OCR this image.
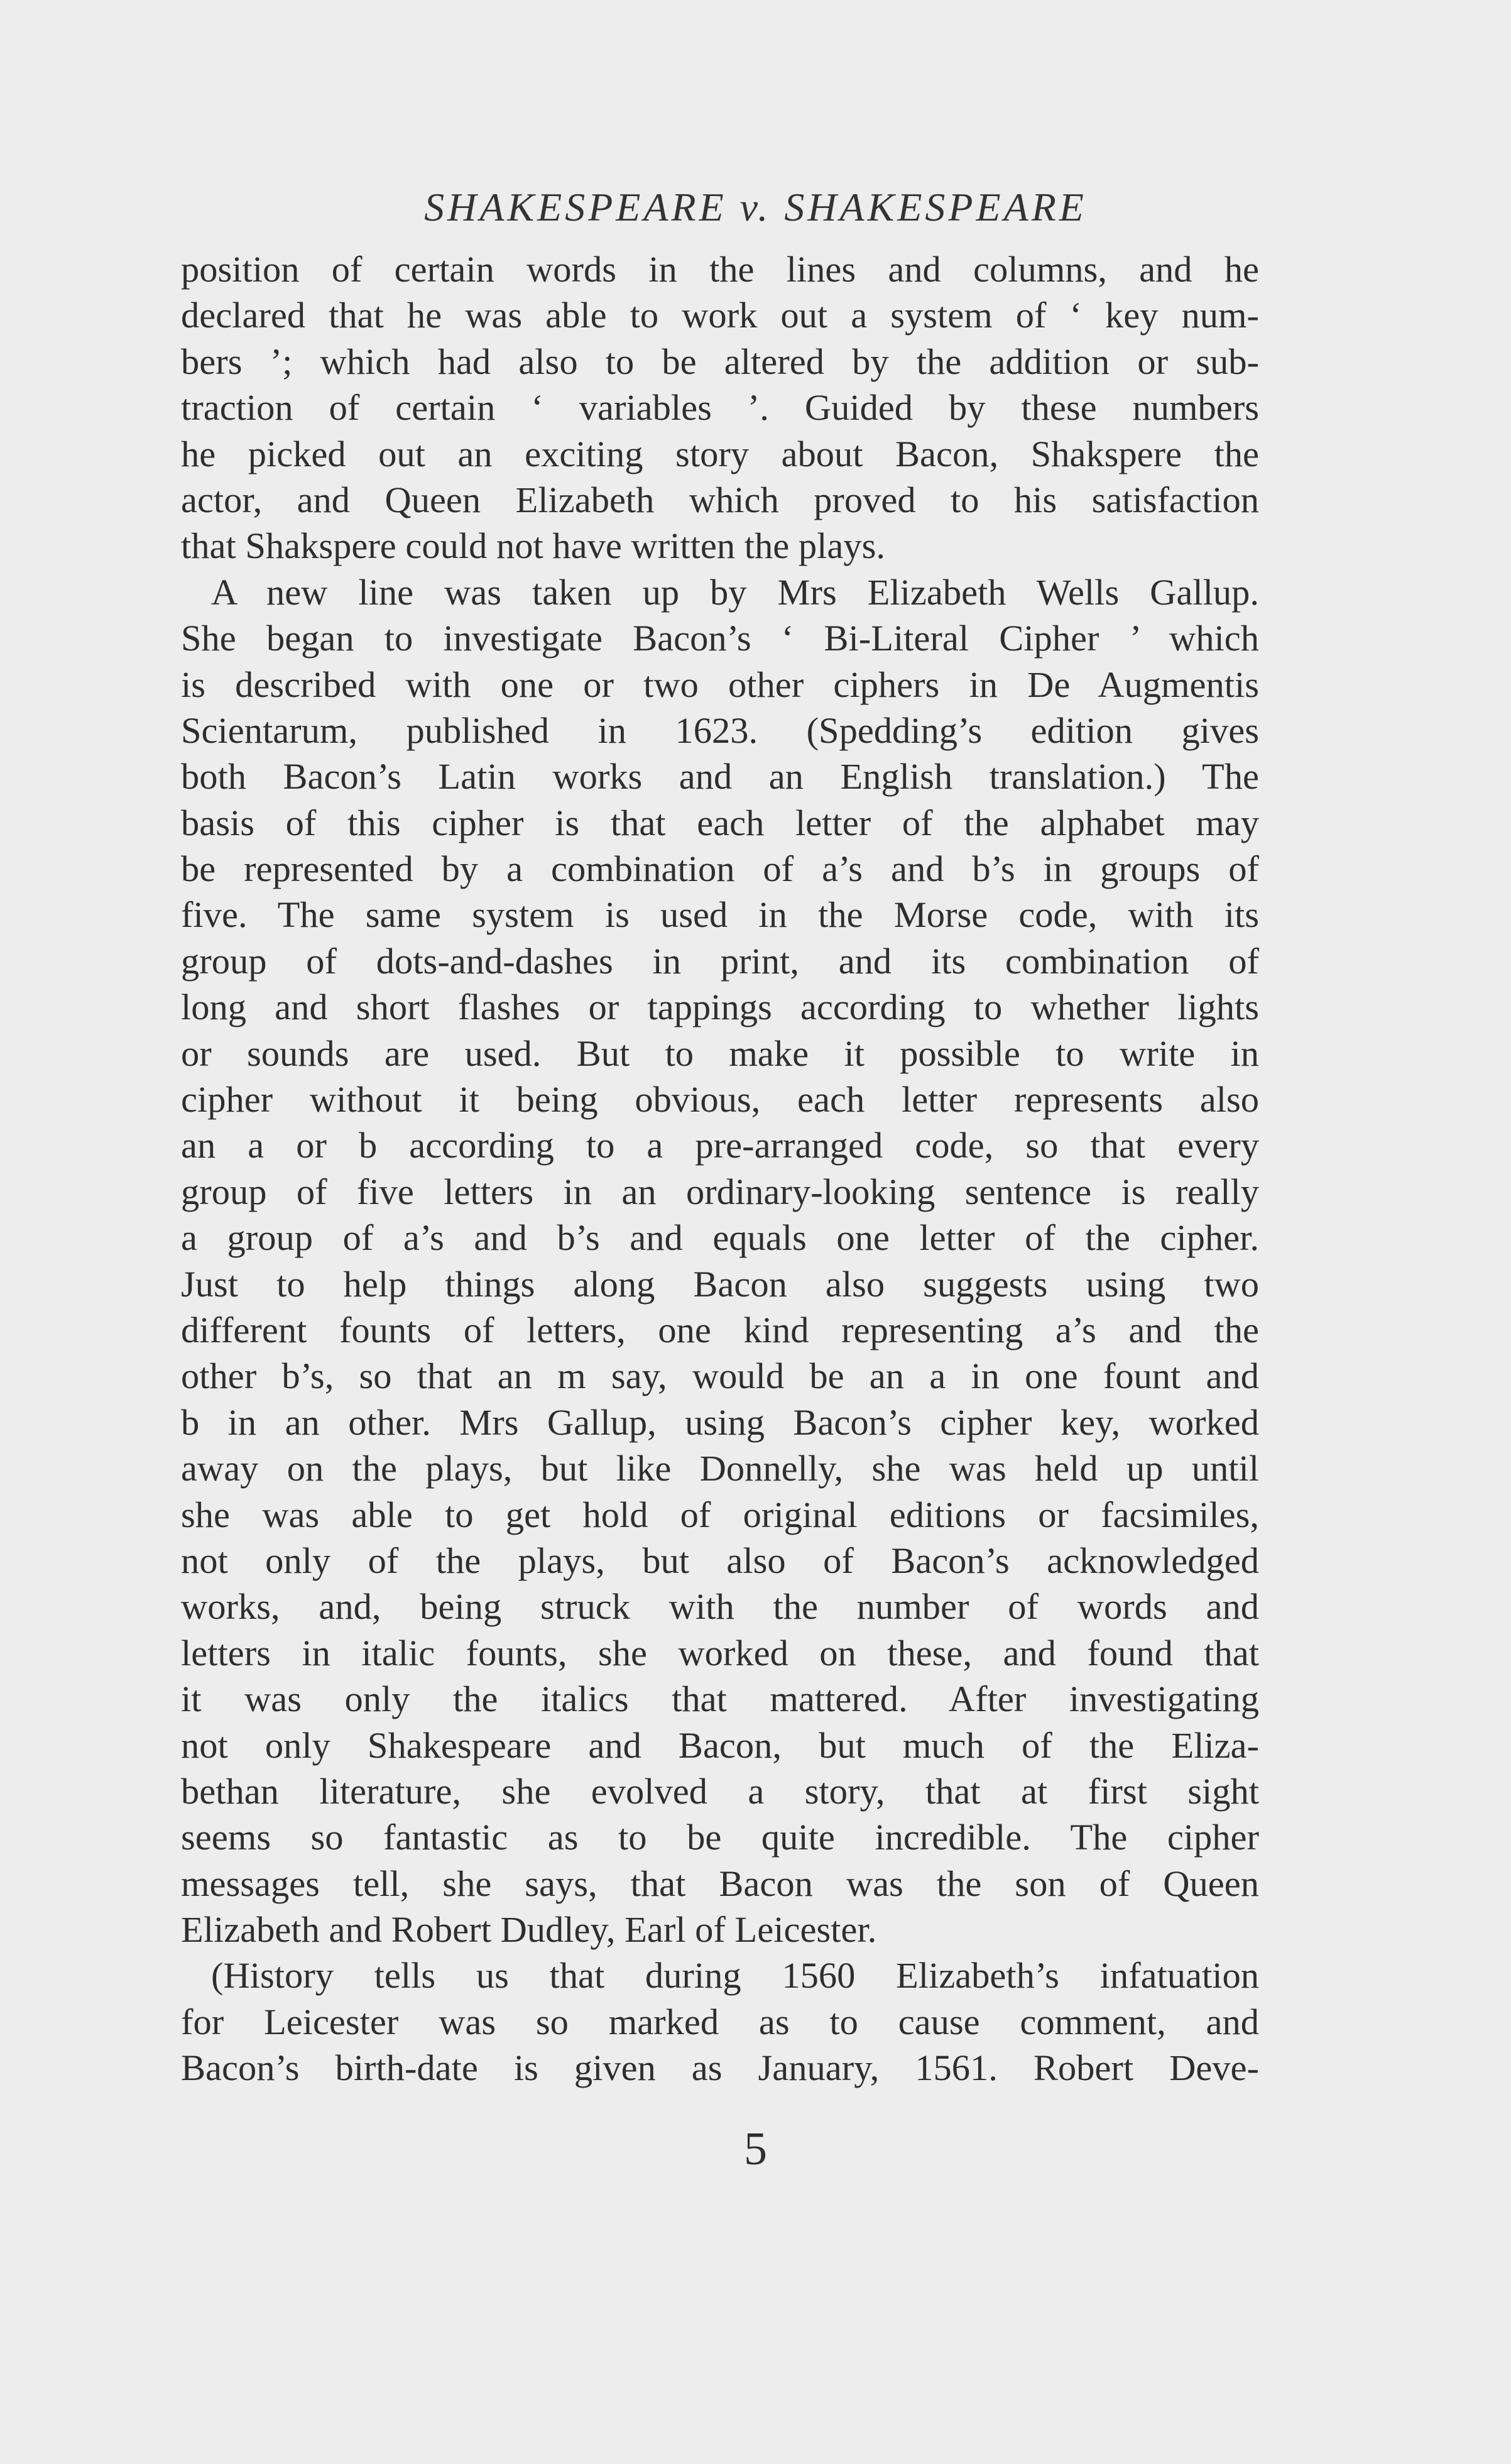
SHAKESPEARE v. SHAKESPEARE
position of certain words in the lines and columns, and he
declared that he was able to work out a system of ‘ key num-
bers ’; which had also to be altered by the addition or sub-
traction of certain ‘ variables ’. Guided by these numbers
he picked out an exciting story about Bacon, Shakspere the
actor, and Queen Elizabeth which proved to his satisfaction
that Shakspere could not have written the plays.
A new line was taken up by Mrs Elizabeth Wells Gallup.
She began to investigate Bacon’s ‘ Bi-Literal Cipher ’ which
is described with one or two other ciphers in De Augmentis
Scientarum, published in 1623. (Spedding’s edition gives
both Bacon’s Latin works and an English translation.) The
basis of this cipher is that each letter of the alphabet may
be represented by a combination of a’s and b’s in groups of
five. The same system is used in the Morse code, with its
group of dots-and-dashes in print, and its combination of
long and short flashes or tappings according to whether lights
or sounds are used. But to make it possible to write in
cipher without it being obvious, each letter represents also
an a or b according to a pre-arranged code, so that every
group of five letters in an ordinary-looking sentence is really
a group of a’s and b’s and equals one letter of the cipher.
Just to help things along Bacon also suggests using two
different founts of letters, one kind representing a’s and the
other b’s, so that an m say, would be an a in one fount and
b in an other. Mrs Gallup, using Bacon’s cipher key, worked
away on the plays, but like Donnelly, she was held up until
she was able to get hold of original editions or facsimiles,
not only of the plays, but also of Bacon’s acknowledged
works, and, being struck with the number of words and
letters in italic founts, she worked on these, and found that
it was only the italics that mattered. After investigating
not only Shakespeare and Bacon, but much of the Eliza-
bethan literature, she evolved a story, that at first sight
seems so fantastic as to be quite incredible. The cipher
messages tell, she says, that Bacon was the son of Queen
Elizabeth and Robert Dudley, Earl of Leicester.
(History tells us that during 1560 Elizabeth’s infatuation
for Leicester was so marked as to cause comment, and
Bacon’s birth-date is given as January, 1561. Robert Deve-
5
